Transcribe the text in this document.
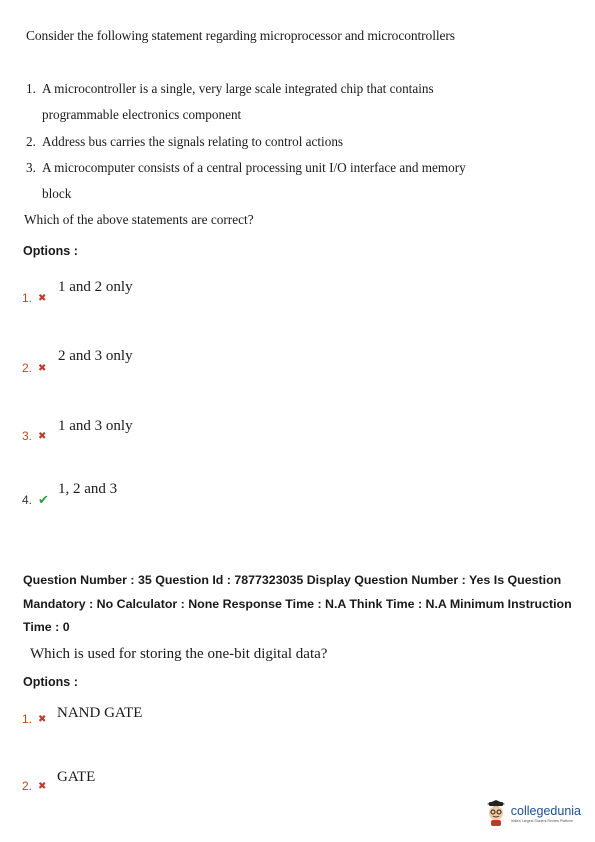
Consider the following statement regarding microprocessor and microcontrollers
1. A microcontroller is a single, very large scale integrated chip that contains
programmable electronics component
2. Address bus carries the signals relating to control actions
3. A microcomputer consists of a central processing unit I/O interface and memory
block
Which of the above statements are correct?
Options :
1 and 2 only
1. ✖
2 and 3 only
2. ✖
1 and 3 only
3. ✖
1, 2 and 3
4. ✔
Question Number : 35 Question Id : 7877323035 Display Question Number : Yes Is Question
Mandatory : No Calculator : None Response Time : N.A Think Time : N.A Minimum Instruction
Time : 0
Which is used for storing the one-bit digital data?
Options :
NAND GATE
1. ✖
GATE
2. ✖
collegedunia
India's Largest Student Review Platform
